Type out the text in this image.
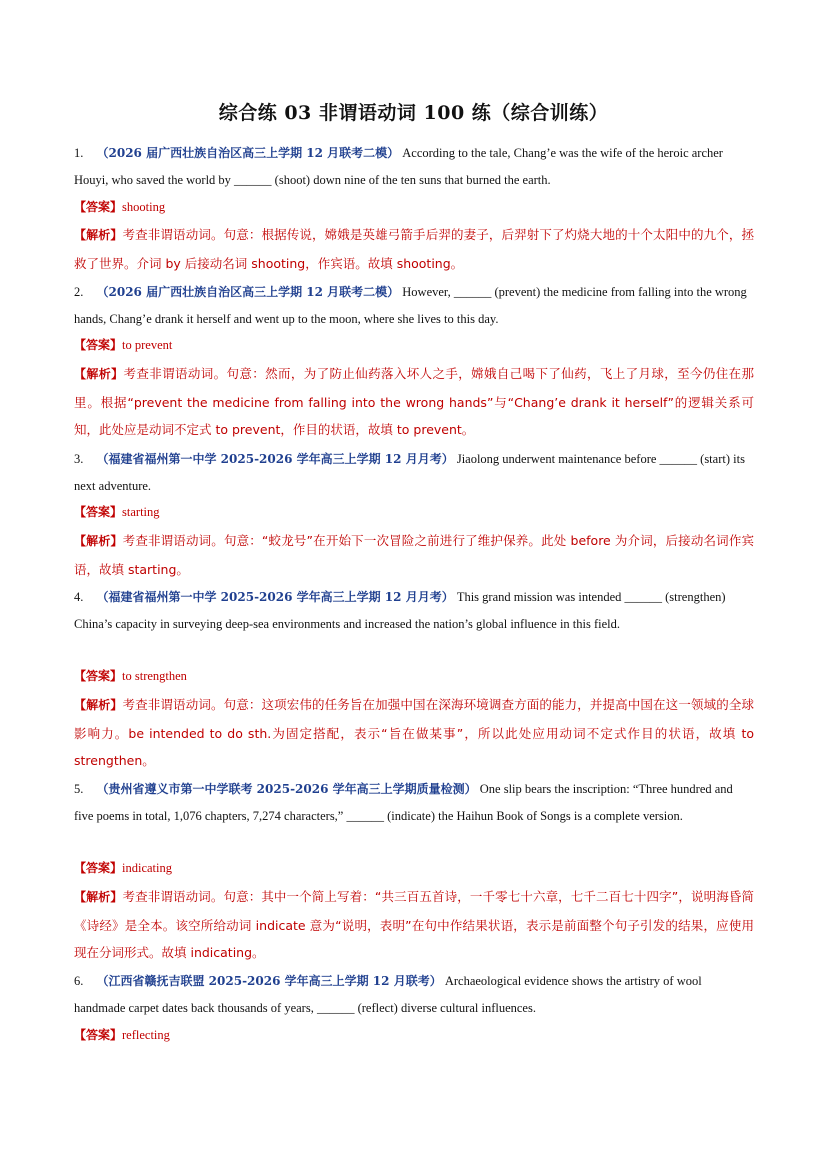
综合练 03 非谓语动词 100 练（综合训练）
1. （2026 届广西壮族自治区高三上学期 12 月联考二模） According to the tale, Chang’e was the wife of the heroic archer Houyi, who saved the world by ______ (shoot) down nine of the ten suns that burned the earth.
【答案】shooting
【解析】考查非谓语动词。句意：根据传说，嫦娥是英雄弓箭手后羿的妻子，后羿射下了灼烧大地的十个太阳中的九个，拯救了世界。介词 by 后接动名词 shooting，作宾语。故填 shooting。
2. （2026 届广西壮族自治区高三上学期 12 月联考二模） However, ______ (prevent) the medicine from falling into the wrong hands, Chang’e drank it herself and went up to the moon, where she lives to this day.
【答案】to prevent
【解析】考查非谓语动词。句意：然而，为了防止仙药落入坏人之手，嫦娥自己喝下了仙药，飞上了月球，至今仍住在那里。根据“prevent the medicine from falling into the wrong hands”与“Chang’e drank it herself”的逻辑关系可知，此处应是动词不定式 to prevent，作目的状语，故填 to prevent。
3. （福建省福州第一中学 2025-2026 学年高三上学期 12 月月考） Jiaolong underwent maintenance before ______ (start) its next adventure.
【答案】starting
【解析】考查非谓语动词。句意：“蛟龙号”在开始下一次冒险之前进行了维护保养。此处 before 为介词，后接动名词作宾语，故填 starting。
4. （福建省福州第一中学 2025-2026 学年高三上学期 12 月月考） This grand mission was intended ______ (strengthen) China’s capacity in surveying deep-sea environments and increased the nation’s global influence in this field.
【答案】to strengthen
【解析】考查非谓语动词。句意：这项宏伟的任务旨在加强中国在深海环境调查方面的能力，并提高中国在这一领域的全球影响力。be intended to do sth.为固定搭配，表示“旨在做某事”，所以此处应用动词不定式作目的状语，故填 to strengthen。
5. （贵州省遵义市第一中学联考 2025-2026 学年高三上学期质量检测） One slip bears the inscription: “Three hundred and five poems in total, 1,076 chapters, 7,274 characters,” ______ (indicate) the Haihun Book of Songs is a complete version.
【答案】indicating
【解析】考查非谓语动词。句意：其中一个简上写着：“共三百五首诗，一千零七十六章，七千二百七十四字”，说明海昏简《诗经》是全本。该空所给动词 indicate 意为“说明，表明”在句中作结果状语，表示是前面整个句子引发的结果，应使用现在分词形式。故填 indicating。
6. （江西省赣抚吉联盟 2025-2026 学年高三上学期 12 月联考） Archaeological evidence shows the artistry of wool handmade carpet dates back thousands of years, ______ (reflect) diverse cultural influences.
【答案】reflecting
